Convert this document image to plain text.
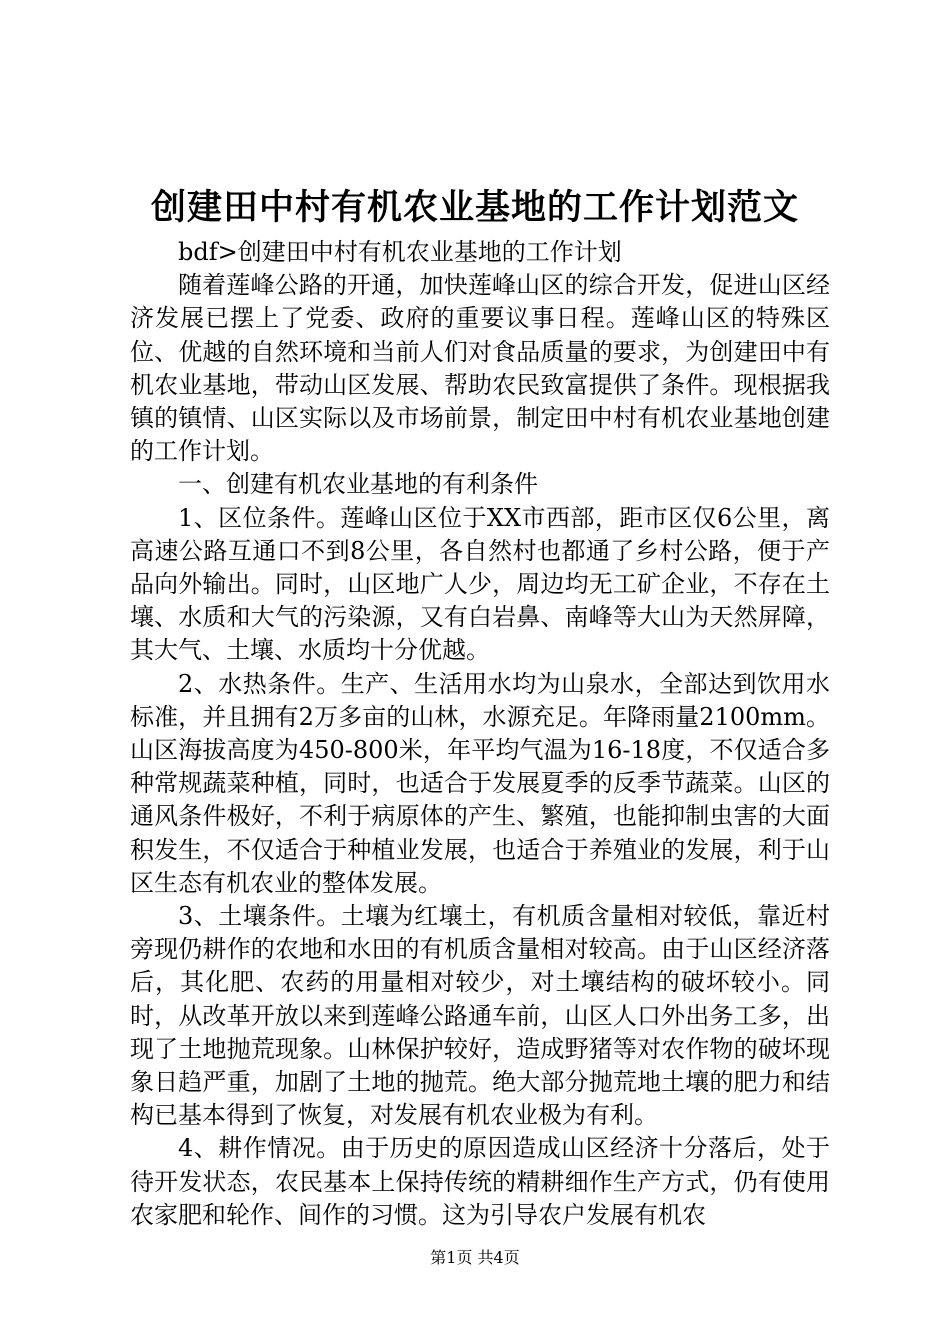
创建田中村有机农业基地的工作计划范文

bdf>创建田中村有机农业基地的工作计划

随着莲峰公路的开通，加快莲峰山区的综合开发，促进山区经济发展已摆上了党委、政府的重要议事日程。莲峰山区的特殊区位、优越的自然环境和当前人们对食品质量的要求，为创建田中有机农业基地，带动山区发展、帮助农民致富提供了条件。现根据我镇的镇情、山区实际以及市场前景，制定田中村有机农业基地创建的工作计划。

一、创建有机农业基地的有利条件

1、区位条件。莲峰山区位于XX市西部，距市区仅6公里，离高速公路互通口不到8公里，各自然村也都通了乡村公路，便于产品向外输出。同时，山区地广人少，周边均无工矿企业，不存在土壤、水质和大气的污染源，又有白岩鼻、南峰等大山为天然屏障，其大气、土壤、水质均十分优越。

2、水热条件。生产、生活用水均为山泉水，全部达到饮用水标准，并且拥有2万多亩的山林，水源充足。年降雨量2100mm。山区海拔高度为450-800米，年平均气温为16-18度，不仅适合多种常规蔬菜种植，同时，也适合于发展夏季的反季节蔬菜。山区的通风条件极好，不利于病原体的产生、繁殖，也能抑制虫害的大面积发生，不仅适合于种植业发展，也适合于养殖业的发展，利于山区生态有机农业的整体发展。

3、土壤条件。土壤为红壤土，有机质含量相对较低，靠近村旁现仍耕作的农地和水田的有机质含量相对较高。由于山区经济落后，其化肥、农药的用量相对较少，对土壤结构的破坏较小。同时，从改革开放以来到莲峰公路通车前，山区人口外出务工多，出现了土地抛荒现象。山林保护较好，造成野猪等对农作物的破坏现象日趋严重，加剧了土地的抛荒。绝大部分抛荒地土壤的肥力和结构已基本得到了恢复，对发展有机农业极为有利。

4、耕作情况。由于历史的原因造成山区经济十分落后，处于待开发状态，农民基本上保持传统的精耕细作生产方式，仍有使用农家肥和轮作、间作的习惯。这为引导农户发展有机农

第1页 共4页
